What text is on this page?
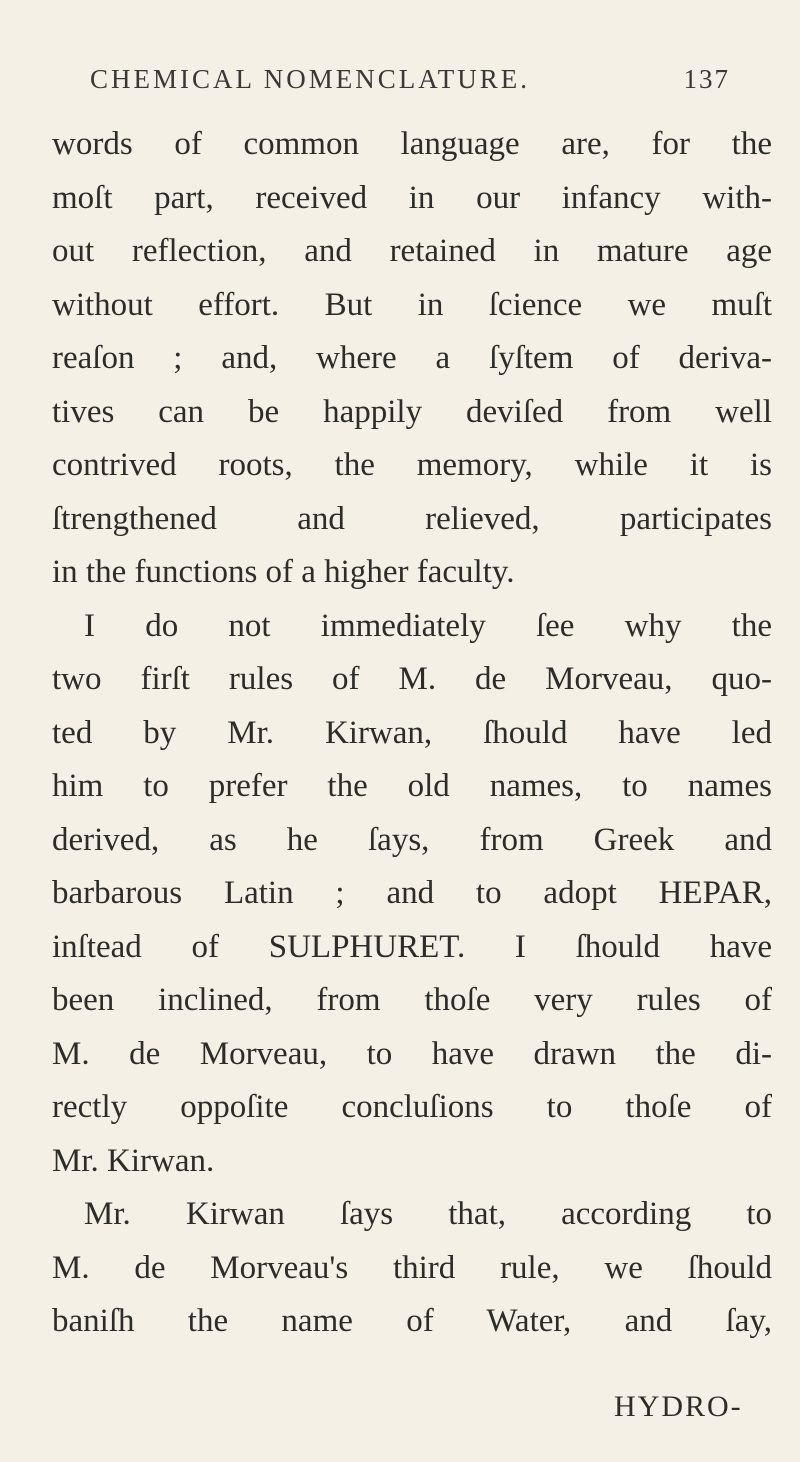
CHEMICAL NOMENCLATURE.	137
words of common language are, for the
moſt part, received in our infancy with-
out reflection, and retained in mature age
without effort. But in ſcience we muſt
reaſon ; and, where a ſyſtem of deriva-
tives can be happily deviſed from well
contrived roots, the memory, while it is
ſtrengthened and relieved, participates
in the functions of a higher faculty.
I do not immediately ſee why the
two firſt rules of M. de Morveau, quo-
ted by Mr. Kirwan, ſhould have led
him to prefer the old names, to names
derived, as he ſays, from Greek and
barbarous Latin ; and to adopt HEPAR,
inſtead of SULPHURET. I ſhould have
been inclined, from thoſe very rules of
M. de Morveau, to have drawn the di-
rectly oppoſite concluſions to thoſe of
Mr. Kirwan.
Mr. Kirwan ſays that, according to
M. de Morveau's third rule, we ſhould
baniſh the name of Water, and ſay,
HYDRO-
